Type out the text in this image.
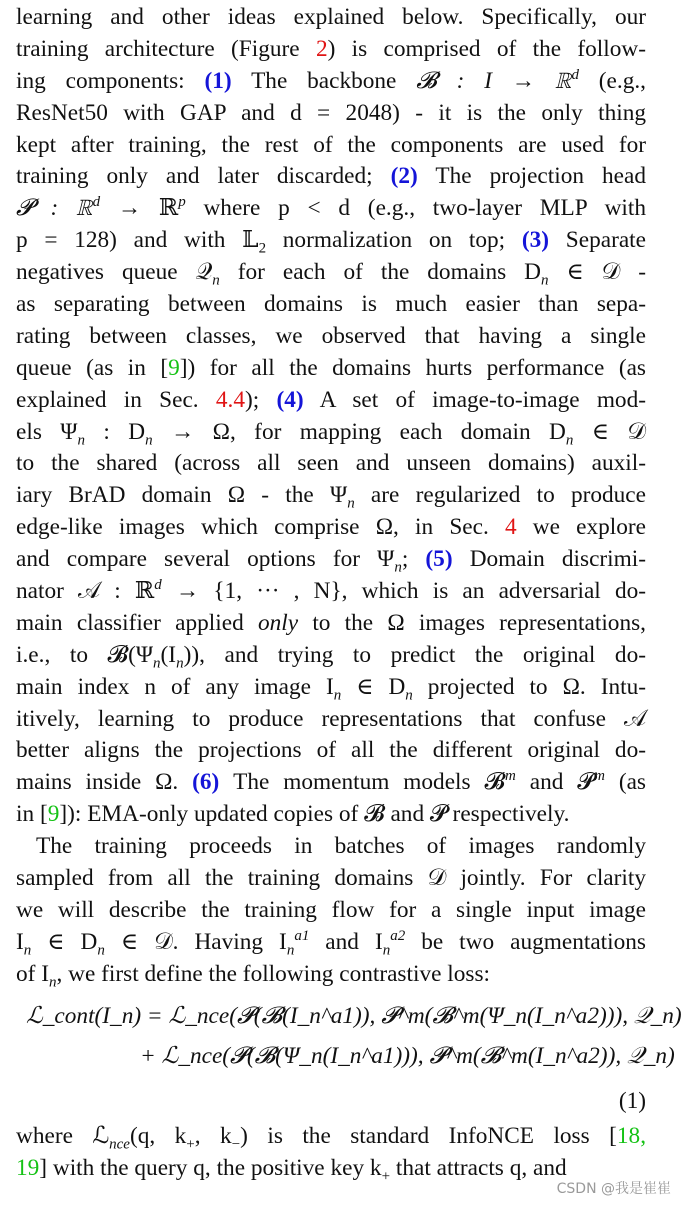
learning and other ideas explained below. Specifically, our
training architecture (Figure 2) is comprised of the follow-
ing components: (1) The backbone 𝓑 : I → ℝ$^d$ (e.g.,
ResNet50 with GAP and d = 2048) - it is the only thing
kept after training, the rest of the components are used for
training only and later discarded; (2) The projection head
𝓟 : ℝ$^d$ → ℝ$^p$ where p < d (e.g., two-layer MLP with
p = 128) and with 𝕃$_2$ normalization on top; (3) Separate
negatives queue 𝒬$_n$ for each of the domains $D_n$ ∈ 𝒟 -
as separating between domains is much easier than sepa-
rating between classes, we observed that having a single
queue (as in [9]) for all the domains hurts performance (as
explained in Sec. 4.4); (4) A set of image-to-image mod-
els $\Psi_n$ : $D_n \to \Omega$, for mapping each domain $D_n$ ∈ 𝒟
to the shared (across all seen and unseen domains) auxil-
iary BrAD domain Ω - the $\Psi_n$ are regularized to produce
edge-like images which comprise Ω, in Sec. 4 we explore
and compare several options for $\Psi_n$; (5) Domain discrimi-
nator 𝒜 : ℝ$^d$ → {1, ··· , N}, which is an adversarial do-
main classifier applied only to the Ω images representations,
i.e., to $𝓑(\Psi_n(I_n))$, and trying to predict the original do-
main index n of any image $I_n$ ∈ $D_n$ projected to Ω. Intu-
itively, learning to produce representations that confuse 𝒜
better aligns the projections of all the different original do-
mains inside Ω. (6) The momentum models 𝓑$^m$ and 𝓟$^m$ (as
in [9]): EMA-only updated copies of 𝓑 and 𝓟 respectively.
The training proceeds in batches of images randomly
sampled from all the training domains 𝒟 jointly. For clarity
we will describe the training flow for a single input image
$I_n$ ∈ $D_n$ ∈ 𝒟. Having $I_n^{a1}$ and $I_n^{a2}$ be two augmentations
of $I_n$, we first define the following contrastive loss:
ℒ_cont(I_n) = ℒ_nce(𝓟(𝓑(I_n^a1)), 𝓟^m(𝓑^m(Ψ_n(I_n^a2))), 𝒬_n)
+ ℒ_nce(𝓟(𝓑(Ψ_n(I_n^a1))), 𝓟^m(𝓑^m(I_n^a2)), 𝒬_n)
(1)
where ℒ$_{nce}$(q, $k_+$, $k_-$) is the standard InfoNCE loss [18,
19] with the query q, the positive key $k_+$ that attracts q, and
CSDN @我是崔崔
